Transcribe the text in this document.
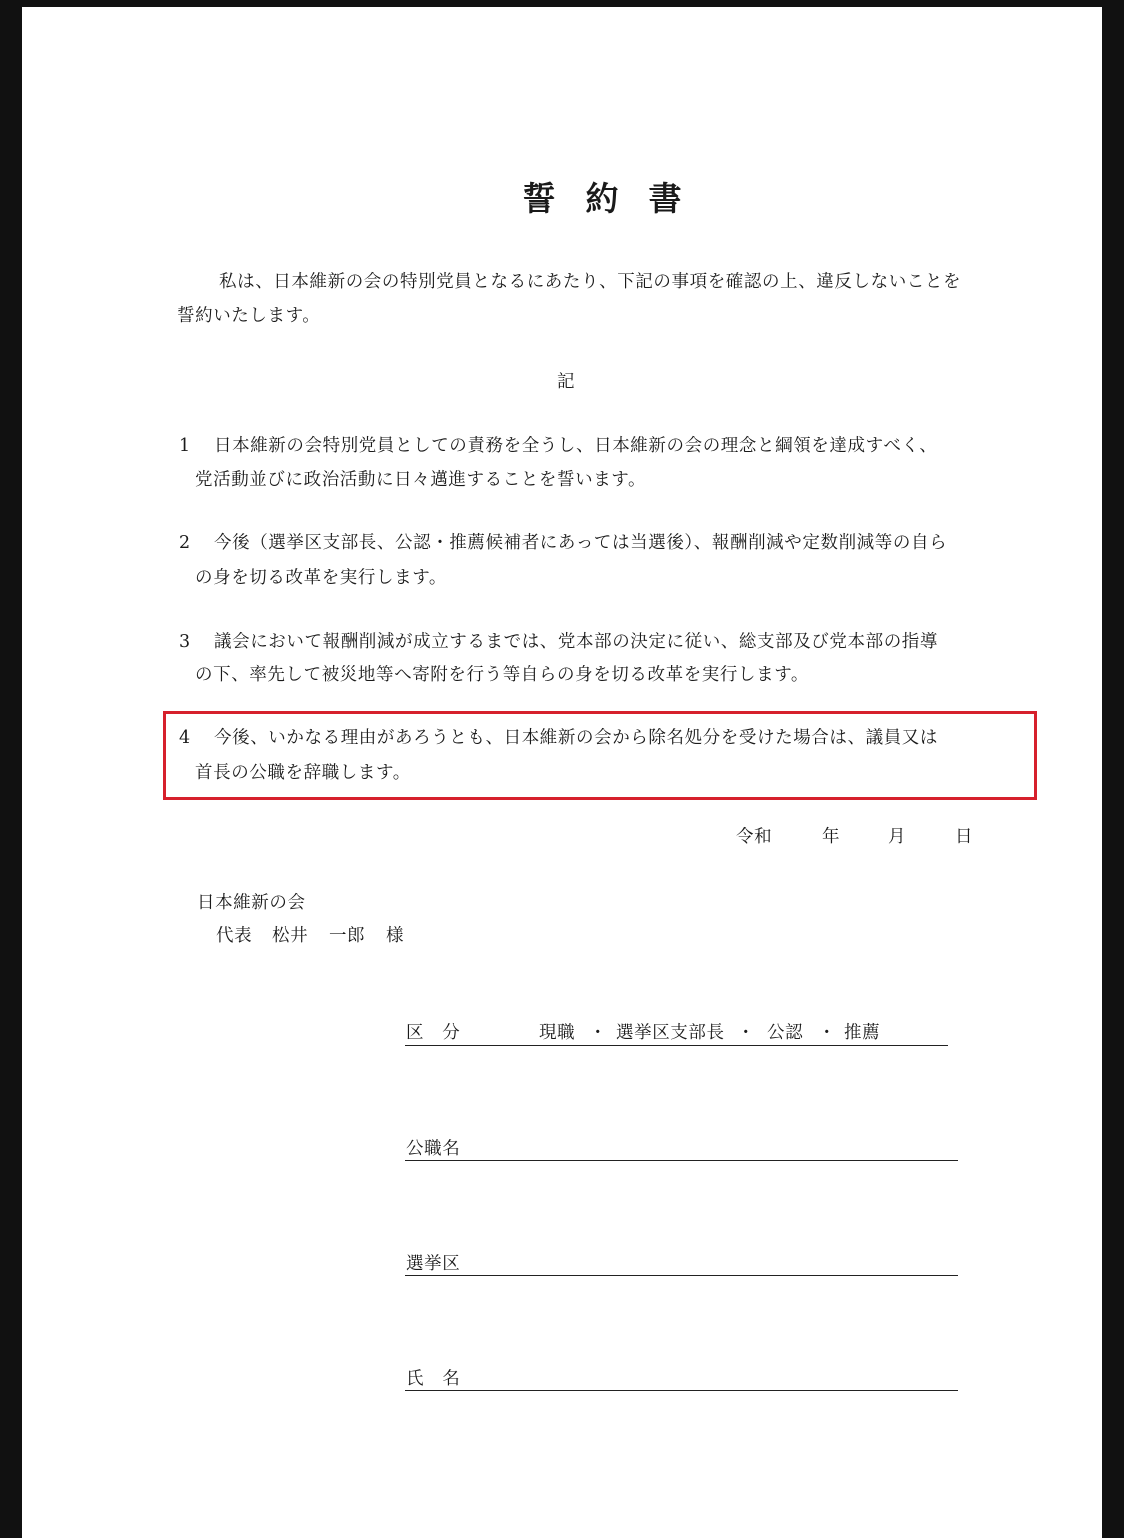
誓約書

私は、日本維新の会の特別党員となるにあたり、下記の事項を確認の上、違反しないことを

誓約いたします。

記

1 日本維新の会特別党員としての責務を全うし、日本維新の会の理念と綱領を達成すべく、

党活動並びに政治活動に日々邁進することを誓います。

2 今後（選挙区支部長、公認・推薦候補者にあっては当選後）、報酬削減や定数削減等の自ら

の身を切る改革を実行します。

3 議会において報酬削減が成立するまでは、党本部の決定に従い、総支部及び党本部の指導

の下、率先して被災地等へ寄附を行う等自らの身を切る改革を実行します。

4 今後、いかなる理由があろうとも、日本維新の会から除名処分を受けた場合は、議員又は

首長の公職を辞職します。

令和	年	月	日

日本維新の会

代表 松井 一郎 様

区　分	現職 ・ 選挙区支部長 ・ 公認 ・ 推薦

公職名

選挙区

氏　名
